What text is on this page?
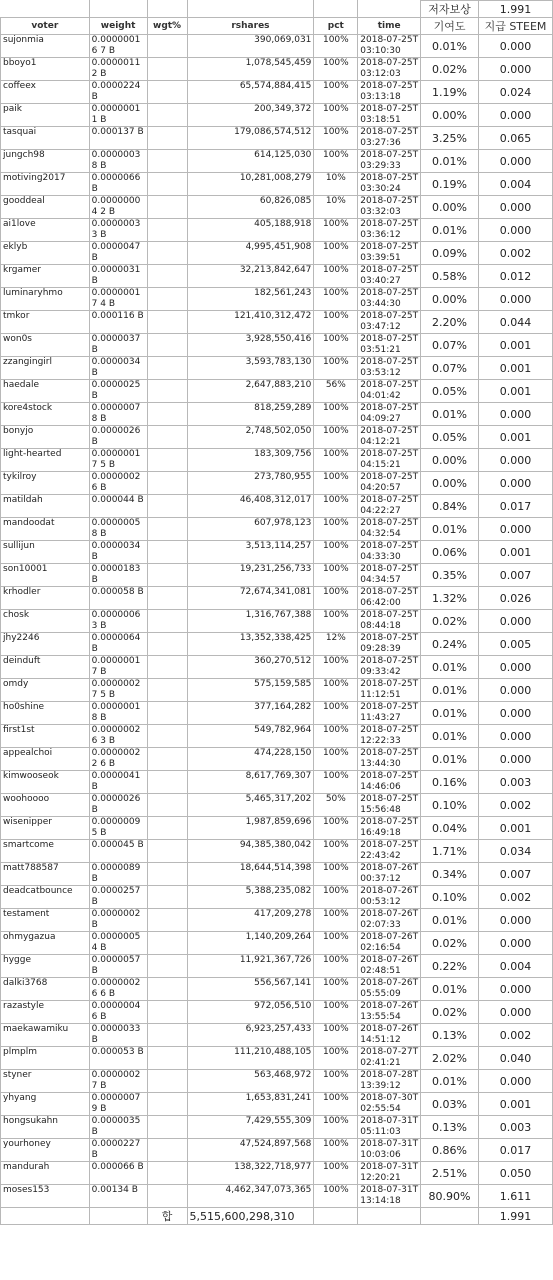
						저자보상	1.991
voter	weight	wgt%	rshares	pct	time	기여도	지급 STEEM
sujonmia	0.00000016 7 B		390,069,031	100%	2018-07-25T03:10:30	0.01%	0.000
bboyo1	0.00000112 B		1,078,545,459	100%	2018-07-25T03:12:03	0.02%	0.000
coffeex	0.0000224 B		65,574,884,415	100%	2018-07-25T03:13:18	1.19%	0.024
paik	0.00000011 B		200,349,372	100%	2018-07-25T03:18:51	0.00%	0.000
tasquai	0.000137 B		179,086,574,512	100%	2018-07-25T03:27:36	3.25%	0.065
jungch98	0.00000038 B		614,125,030	100%	2018-07-25T03:29:33	0.01%	0.000
motiving2017	0.0000066 B		10,281,008,279	10%	2018-07-25T03:30:24	0.19%	0.004
gooddeal	0.0000000 4 2 B		60,826,085	10%	2018-07-25T03:32:03	0.00%	0.000
ai1love	0.00000033 B		405,188,918	100%	2018-07-25T03:36:12	0.01%	0.000
eklyb	0.0000047 B		4,995,451,908	100%	2018-07-25T03:39:51	0.09%	0.002
krgamer	0.0000031 B		32,213,842,647	100%	2018-07-25T03:40:27	0.58%	0.012
luminaryhmo	0.00000017 4 B		182,561,243	100%	2018-07-25T03:44:30	0.00%	0.000
tmkor	0.000116 B		121,410,312,472	100%	2018-07-25T03:47:12	2.20%	0.044
won0s	0.0000037 B		3,928,550,416	100%	2018-07-25T03:51:21	0.07%	0.001
zzangingirl	0.0000034 B		3,593,783,130	100%	2018-07-25T03:53:12	0.07%	0.001
haedale	0.0000025 B		2,647,883,210	56%	2018-07-25T04:01:42	0.05%	0.001
kore4stock	0.00000078 B		818,259,289	100%	2018-07-25T04:09:27	0.01%	0.000
bonyjo	0.0000026 B		2,748,502,050	100%	2018-07-25T04:12:21	0.05%	0.001
light-hearted	0.00000017 5 B		183,309,756	100%	2018-07-25T04:15:21	0.00%	0.000
tykilroy	0.00000026 B		273,780,955	100%	2018-07-25T04:20:57	0.00%	0.000
matildah	0.000044 B		46,408,312,017	100%	2018-07-25T04:22:27	0.84%	0.017
mandoodat	0.00000058 B		607,978,123	100%	2018-07-25T04:32:54	0.01%	0.000
sullijun	0.0000034 B		3,513,114,257	100%	2018-07-25T04:33:30	0.06%	0.001
son10001	0.0000183 B		19,231,256,733	100%	2018-07-25T04:34:57	0.35%	0.007
krhodler	0.000058 B		72,674,341,081	100%	2018-07-25T06:42:00	1.32%	0.026
chosk	0.00000063 B		1,316,767,388	100%	2018-07-25T08:44:18	0.02%	0.000
jhy2246	0.0000064 B		13,352,338,425	12%	2018-07-25T09:28:39	0.24%	0.005
deinduft	0.00000017 B		360,270,512	100%	2018-07-25T09:33:42	0.01%	0.000
omdy	0.00000027 5 B		575,159,585	100%	2018-07-25T11:12:51	0.01%	0.000
ho0shine	0.00000018 B		377,164,282	100%	2018-07-25T11:43:27	0.01%	0.000
first1st	0.00000026 3 B		549,782,964	100%	2018-07-25T12:22:33	0.01%	0.000
appealchoi	0.00000022 6 B		474,228,150	100%	2018-07-25T13:44:30	0.01%	0.000
kimwooseok	0.0000041 B		8,617,769,307	100%	2018-07-25T14:46:06	0.16%	0.003
woohoooo	0.0000026 B		5,465,317,202	50%	2018-07-25T15:56:48	0.10%	0.002
wisenipper	0.00000095 B		1,987,859,696	100%	2018-07-25T16:49:18	0.04%	0.001
smartcome	0.000045 B		94,385,380,042	100%	2018-07-25T22:43:42	1.71%	0.034
matt788587	0.0000089 B		18,644,514,398	100%	2018-07-26T00:37:12	0.34%	0.007
deadcatbounce	0.0000257 B		5,388,235,082	100%	2018-07-26T00:53:12	0.10%	0.002
testament	0.0000002 B		417,209,278	100%	2018-07-26T02:07:33	0.01%	0.000
ohmygazua	0.00000054 B		1,140,209,264	100%	2018-07-26T02:16:54	0.02%	0.000
hygge	0.0000057 B		11,921,367,726	100%	2018-07-26T02:48:51	0.22%	0.004
dalki3768	0.00000026 6 B		556,567,141	100%	2018-07-26T05:55:09	0.01%	0.000
razastyle	0.00000046 B		972,056,510	100%	2018-07-26T13:55:54	0.02%	0.000
maekawamiku	0.0000033 B		6,923,257,433	100%	2018-07-26T14:51:12	0.13%	0.002
plmplm	0.000053 B		111,210,488,105	100%	2018-07-27T02:41:21	2.02%	0.040
styner	0.00000027 B		563,468,972	100%	2018-07-28T13:39:12	0.01%	0.000
yhyang	0.00000079 B		1,653,831,241	100%	2018-07-30T02:55:54	0.03%	0.001
hongsukahn	0.0000035 B		7,429,555,309	100%	2018-07-31T05:11:03	0.13%	0.003
yourhoney	0.0000227 B		47,524,897,568	100%	2018-07-31T10:03:06	0.86%	0.017
mandurah	0.000066 B		138,322,718,977	100%	2018-07-31T12:20:21	2.51%	0.050
moses153	0.00134 B		4,462,347,073,365	100%	2018-07-31T13:14:18	80.90%	1.611
		합	5,515,600,298,310				1.991
